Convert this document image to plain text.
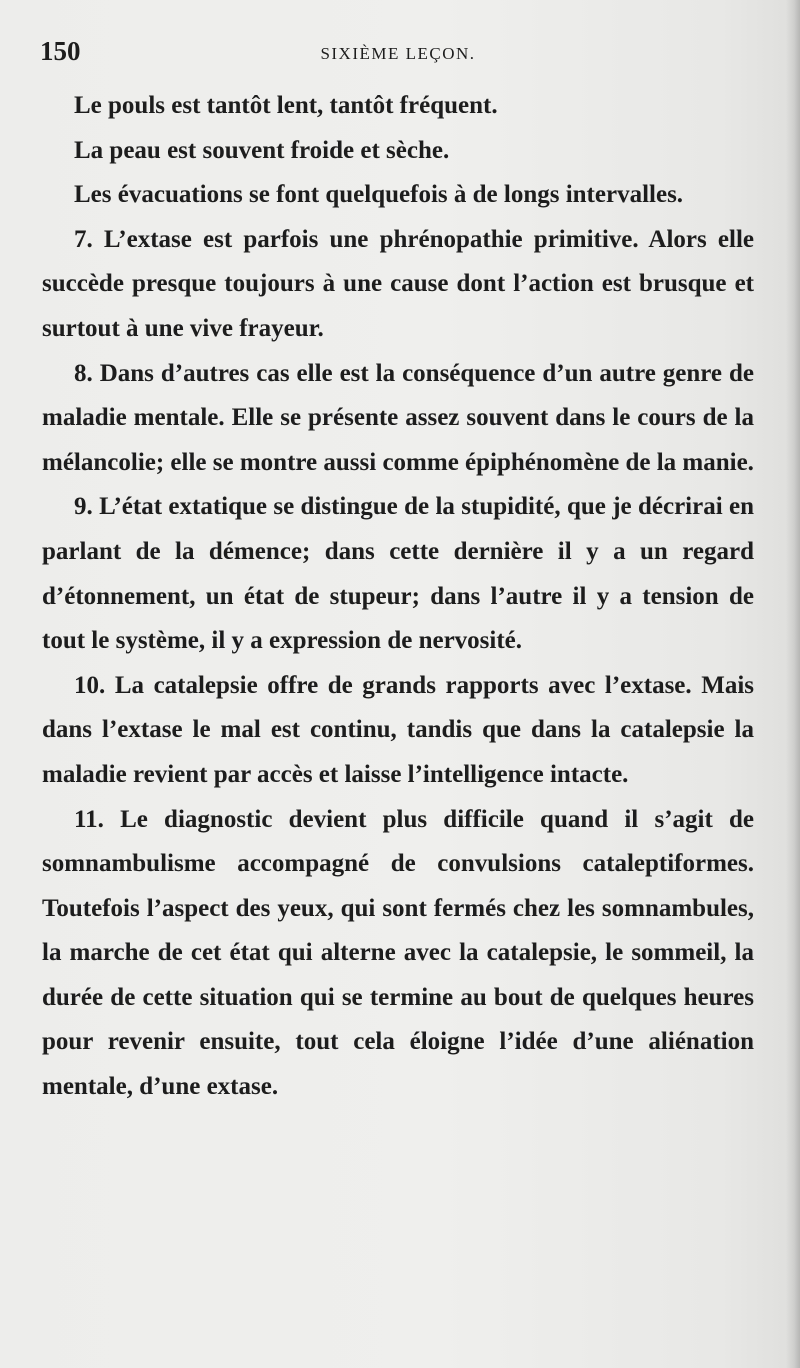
150	SIXIÈME LEÇON.

Le pouls est tantôt lent, tantôt fréquent.

La peau est souvent froide et sèche.

Les évacuations se font quelquefois à de longs intervalles.

7. L’extase est parfois une phrénopathie primitive. Alors elle succède presque toujours à une cause dont l’action est brusque et surtout à une vive frayeur.

8. Dans d’autres cas elle est la conséquence d’un autre genre de maladie mentale. Elle se présente assez souvent dans le cours de la mélancolie; elle se montre aussi comme épiphénomène de la manie.

9. L’état extatique se distingue de la stupidité, que je décrirai en parlant de la démence; dans cette dernière il y a un regard d’étonnement, un état de stupeur; dans l’autre il y a tension de tout le système, il y a expression de nervosité.

10. La catalepsie offre de grands rapports avec l’extase. Mais dans l’extase le mal est continu, tandis que dans la catalepsie la maladie revient par accès et laisse l’intelligence intacte.

11. Le diagnostic devient plus difficile quand il s’agit de somnambulisme accompagné de convulsions cataleptiformes. Toutefois l’aspect des yeux, qui sont fermés chez les somnambules, la marche de cet état qui alterne avec la catalepsie, le sommeil, la durée de cette situation qui se termine au bout de quelques heures pour revenir ensuite, tout cela éloigne l’idée d’une aliénation mentale, d’une extase.
